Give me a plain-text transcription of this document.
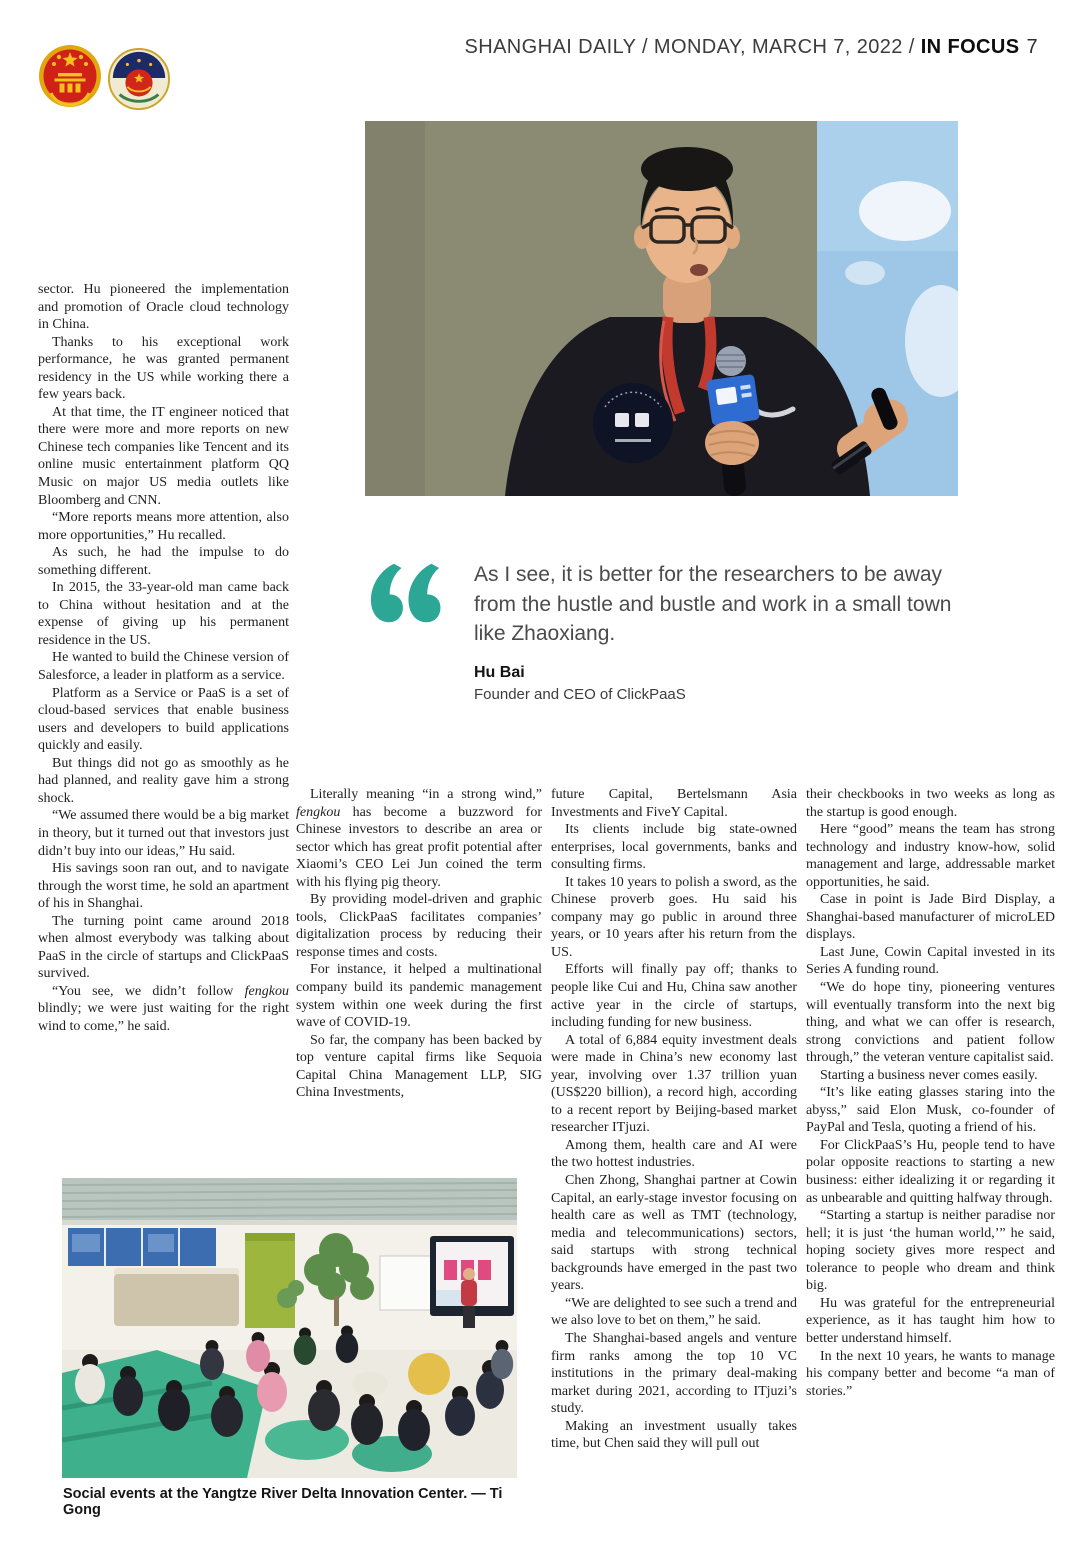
SHANGHAI DAILY / MONDAY, MARCH 7, 2022 / IN FOCUS 7
As I see, it is better for the researchers to be away from the hustle and bustle and work in a small town like Zhaoxiang.
Hu Bai
Founder and CEO of ClickPaaS

sector. Hu pioneered the implementation and promotion of Oracle cloud technology in China.

Thanks to his exceptional work performance, he was granted permanent residency in the US while working there a few years back.

At that time, the IT engineer noticed that there were more and more reports on new Chinese tech companies like Tencent and its online music entertainment platform QQ Music on major US media outlets like Bloomberg and CNN.

“More reports means more attention, also more opportunities,” Hu recalled.

As such, he had the impulse to do something different.

In 2015, the 33-year-old man came back to China without hesitation and at the expense of giving up his permanent residence in the US.

He wanted to build the Chinese version of Salesforce, a leader in platform as a service.

Platform as a Service or PaaS is a set of cloud-based services that enable business users and developers to build applications quickly and easily.

But things did not go as smoothly as he had planned, and reality gave him a strong shock.

“We assumed there would be a big market in theory, but it turned out that investors just didn’t buy into our ideas,” Hu said.

His savings soon ran out, and to navigate through the worst time, he sold an apartment of his in Shanghai.

The turning point came around 2018 when almost everybody was talking about PaaS in the circle of startups and ClickPaaS survived.

“You see, we didn’t follow fengkou blindly; we were just waiting for the right wind to come,” he said.

Literally meaning “in a strong wind,” fengkou has become a buzzword for Chinese investors to describe an area or sector which has great profit potential after Xiaomi’s CEO Lei Jun coined the term with his flying pig theory.

By providing model-driven and graphic tools, ClickPaaS facilitates companies’ digitalization process by reducing their response times and costs.

For instance, it helped a multinational company build its pandemic management system within one week during the first wave of COVID-19.

So far, the company has been backed by top venture capital firms like Sequoia Capital China Management LLP, SIG China Investments,

future Capital, Bertelsmann Asia Investments and FiveY Capital.

Its clients include big state-owned enterprises, local governments, banks and consulting firms.

It takes 10 years to polish a sword, as the Chinese proverb goes. Hu said his company may go public in around three years, or 10 years after his return from the US.

Efforts will finally pay off; thanks to people like Cui and Hu, China saw another active year in the circle of startups, including funding for new business.

A total of 6,884 equity investment deals were made in China’s new economy last year, involving over 1.37 trillion yuan (US$220 billion), a record high, according to a recent report by Beijing-based market researcher ITjuzi.

Among them, health care and AI were the two hottest industries.

Chen Zhong, Shanghai partner at Cowin Capital, an early-stage investor focusing on health care as well as TMT (technology, media and telecommunications) sectors, said startups with strong technical backgrounds have emerged in the past two years.

“We are delighted to see such a trend and we also love to bet on them,” he said.

The Shanghai-based angels and venture firm ranks among the top 10 VC institutions in the primary deal-making market during 2021, according to ITjuzi’s study.

Making an investment usually takes time, but Chen said they will pull out

their checkbooks in two weeks as long as the startup is good enough.

Here “good” means the team has strong technology and industry know-how, solid management and large, addressable market opportunities, he said.

Case in point is Jade Bird Display, a Shanghai-based manufacturer of microLED displays.

Last June, Cowin Capital invested in its Series A funding round.

“We do hope tiny, pioneering ventures will eventually transform into the next big thing, and what we can offer is research, strong convictions and patient follow through,” the veteran venture capitalist said.

Starting a business never comes easily.

“It’s like eating glasses staring into the abyss,” said Elon Musk, co-founder of PayPal and Tesla, quoting a friend of his.

For ClickPaaS’s Hu, people tend to have polar opposite reactions to starting a new business: either idealizing it or regarding it as unbearable and quitting halfway through.

“Starting a startup is neither paradise nor hell; it is just ‘the human world,’” he said, hoping society gives more respect and tolerance to people who dream and think big.

Hu was grateful for the entrepreneurial experience, as it has taught him how to better understand himself.

In the next 10 years, he wants to manage his company better and become “a man of stories.”

Social events at the Yangtze River Delta Innovation Center. — Ti Gong
